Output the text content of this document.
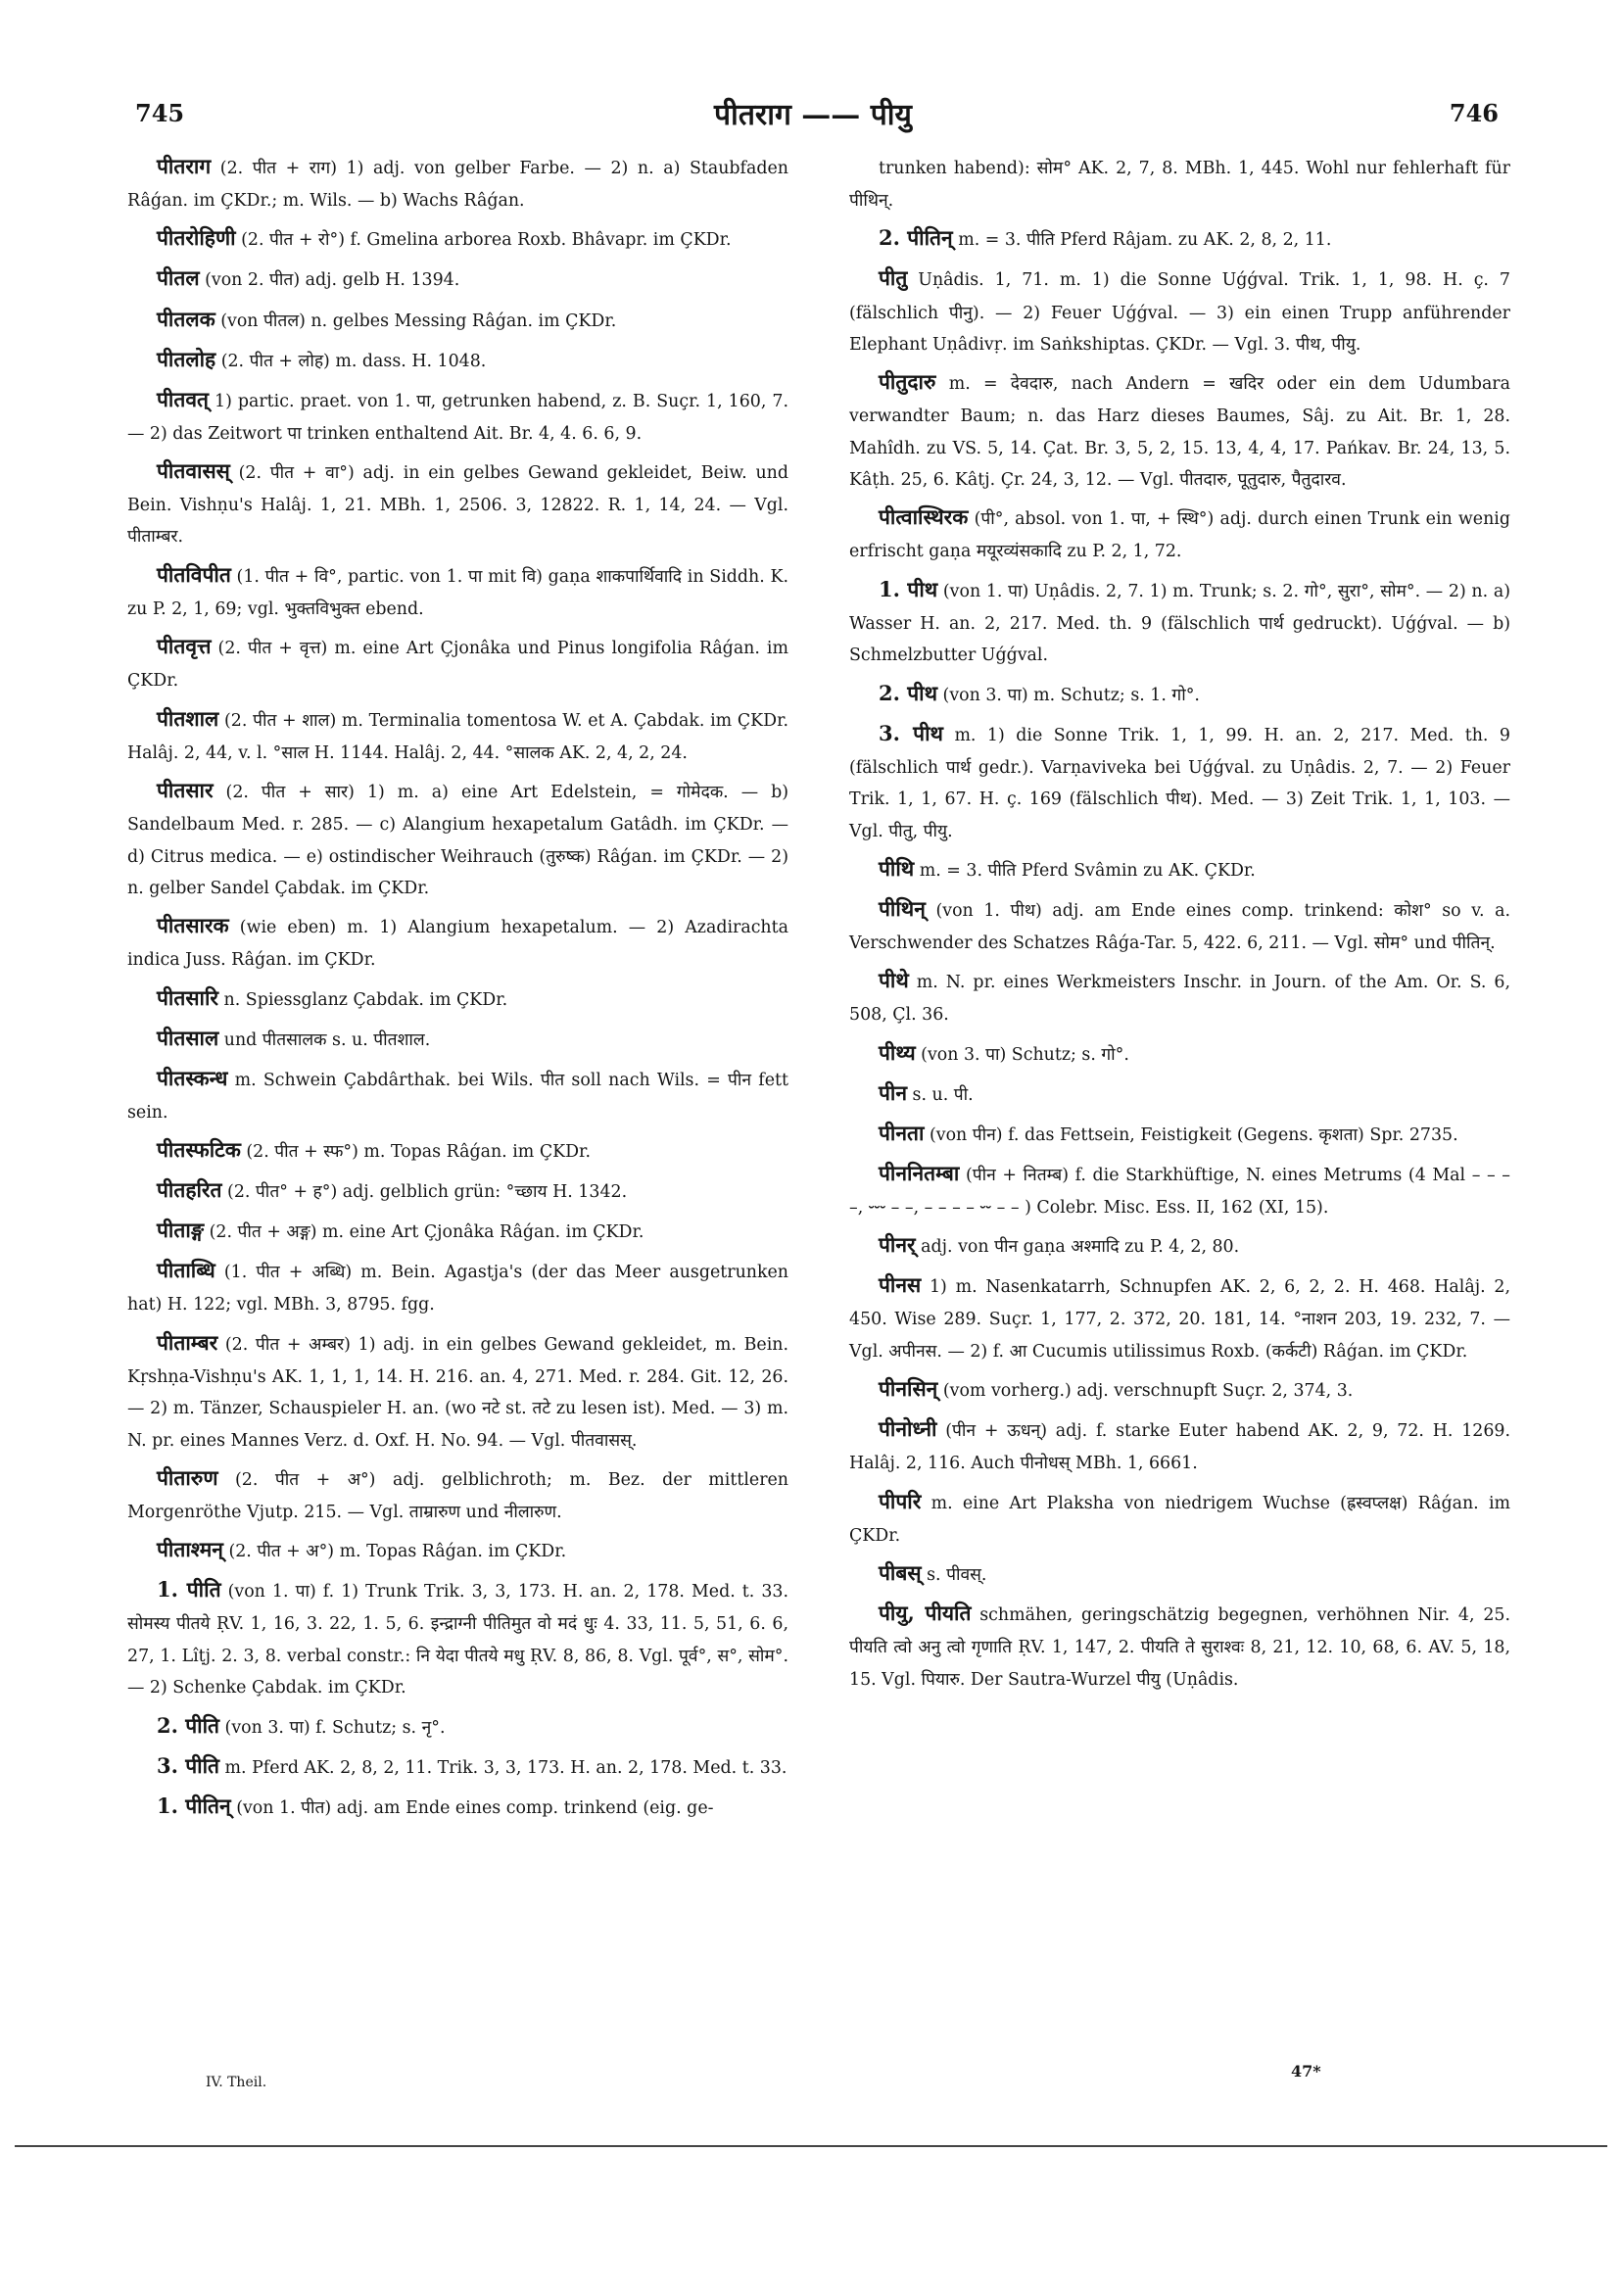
745	पीतराग —— पीयु	746

पीतराग (2. पीत + राग) 1) adj. von gelber Farbe. — 2) n. a) Staubfaden Râǵan. im ÇKDr.; m. Wils. — b) Wachs Râǵan.

पीतरोहिणी (2. पीत + रो°) f. Gmelina arborea Roxb. Bhâvapr. im ÇKDr.

पीतल (von 2. पीत) adj. gelb H. 1394.

पीतलक (von पीतल) n. gelbes Messing Râǵan. im ÇKDr.

पीतलोह (2. पीत + लोह) m. dass. H. 1048.

पीतवत् 1) partic. praet. von 1. पा, getrunken habend, z. B. Suçr. 1, 160, 7. — 2) das Zeitwort पा trinken enthaltend Ait. Br. 4, 4. 6. 6, 9.

पीतवासस् (2. पीत + वा°) adj. in ein gelbes Gewand gekleidet, Beiw. und Bein. Vishṇu's Halâj. 1, 21. MBh. 1, 2506. 3, 12822. R. 1, 14, 24. — Vgl. पीताम्बर.

पीतविपीत (1. पीत + वि°, partic. von 1. पा mit वि) gaṇa शाकपार्थिवादि in Siddh. K. zu P. 2, 1, 69; vgl. भुक्तविभुक्त ebend.

पीतवृत्त (2. पीत + वृत्त) m. eine Art Çjonâka und Pinus longifolia Râǵan. im ÇKDr.

पीतशाल (2. पीत + शाल) m. Terminalia tomentosa W. et A. Çabdak. im ÇKDr. Halâj. 2, 44, v. l. °साल H. 1144. Halâj. 2, 44. °सालक AK. 2, 4, 2, 24.

पीतसार (2. पीत + सार) 1) m. a) eine Art Edelstein, = गोमेदक. — b) Sandelbaum Med. r. 285. — c) Alangium hexapetalum Gatâdh. im ÇKDr. — d) Citrus medica. — e) ostindischer Weihrauch (तुरुष्क) Râǵan. im ÇKDr. — 2) n. gelber Sandel Çabdak. im ÇKDr.

पीतसारक (wie eben) m. 1) Alangium hexapetalum. — 2) Azadirachta indica Juss. Râǵan. im ÇKDr.

पीतसारि n. Spiessglanz Çabdak. im ÇKDr.

पीतसाल und पीतसालक s. u. पीतशाल.

पीतस्कन्ध m. Schwein Çabdârthak. bei Wils. पीत soll nach Wils. = पीन fett sein.

पीतस्फटिक (2. पीत + स्फ°) m. Topas Râǵan. im ÇKDr.

पीतहरित (2. पीत° + ह°) adj. gelblich grün: °च्छाय H. 1342.

पीताङ्ग (2. पीत + अङ्ग) m. eine Art Çjonâka Râǵan. im ÇKDr.

पीताब्धि (1. पीत + अब्धि) m. Bein. Agastja's (der das Meer ausgetrunken hat) H. 122; vgl. MBh. 3, 8795. fgg.

पीताम्बर (2. पीत + अम्बर) 1) adj. in ein gelbes Gewand gekleidet, m. Bein. Kṛshṇa-Vishṇu's AK. 1, 1, 1, 14. H. 216. an. 4, 271. Med. r. 284. Git. 12, 26. — 2) m. Tänzer, Schauspieler H. an. (wo नटे st. तटे zu lesen ist). Med. — 3) m. N. pr. eines Mannes Verz. d. Oxf. H. No. 94. — Vgl. पीतवासस्.

पीतारुण (2. पीत + अ°) adj. gelblichroth; m. Bez. der mittleren Morgenröthe Vjutp. 215. — Vgl. ताम्रारुण und नीलारुण.

पीताश्मन् (2. पीत + अ°) m. Topas Râǵan. im ÇKDr.

1. पीति (von 1. पा) f. 1) Trunk Trik. 3, 3, 173. H. an. 2, 178. Med. t. 33. सोमस्य पीतये ṚV. 1, 16, 3. 22, 1. 5, 6. इन्द्राग्नी पीतिमुत वो मदं धुः 4. 33, 11. 5, 51, 6. 6, 27, 1. Lîṭj. 2. 3, 8. verbal constr.: नि येदा पीतये मधु ṚV. 8, 86, 8. Vgl. पूर्व°, स°, सोम°. — 2) Schenke Çabdak. im ÇKDr.

2. पीति (von 3. पा) f. Schutz; s. नृ°.

3. पीति m. Pferd AK. 2, 8, 2, 11. Trik. 3, 3, 173. H. an. 2, 178. Med. t. 33.

1. पीतिन् (von 1. पीत) adj. am Ende eines comp. trinkend (eig. ge-

trunken habend): सोम° AK. 2, 7, 8. MBh. 1, 445. Wohl nur fehlerhaft für पीथिन्.

2. पीतिन् m. = 3. पीति Pferd Râjam. zu AK. 2, 8, 2, 11.

पीतु Uṇâdis. 1, 71. m. 1) die Sonne Uǵǵval. Trik. 1, 1, 98. H. ç. 7 (fälschlich पीनु). — 2) Feuer Uǵǵval. — 3) ein einen Trupp anführender Elephant Uṇâdivṛ. im Saṅkshiptas. ÇKDr. — Vgl. 3. पीथ, पीयु.

पीतुदारु m. = देवदारु, nach Andern = खदिर oder ein dem Udumbara verwandter Baum; n. das Harz dieses Baumes, Sâj. zu Ait. Br. 1, 28. Mahîdh. zu VS. 5, 14. Çat. Br. 3, 5, 2, 15. 13, 4, 4, 17. Pańkav. Br. 24, 13, 5. Kâṭh. 25, 6. Kâtj. Çr. 24, 3, 12. — Vgl. पीतदारु, पूतुदारु, पैतुदारव.

पीत्वास्थिरक (पी°, absol. von 1. पा, + स्थि°) adj. durch einen Trunk ein wenig erfrischt gaṇa मयूरव्यंसकादि zu P. 2, 1, 72.

1. पीथ (von 1. पा) Uṇâdis. 2, 7. 1) m. Trunk; s. 2. गो°, सुरा°, सोम°. — 2) n. a) Wasser H. an. 2, 217. Med. th. 9 (fälschlich पार्थ gedruckt). Uǵǵval. — b) Schmelzbutter Uǵǵval.

2. पीथ (von 3. पा) m. Schutz; s. 1. गो°.

3. पीथ m. 1) die Sonne Trik. 1, 1, 99. H. an. 2, 217. Med. th. 9 (fälschlich पार्थ gedr.). Varṇaviveka bei Uǵǵval. zu Uṇâdis. 2, 7. — 2) Feuer Trik. 1, 1, 67. H. ç. 169 (fälschlich पीथ). Med. — 3) Zeit Trik. 1, 1, 103. — Vgl. पीतु, पीयु.

पीथि m. = 3. पीति Pferd Svâmin zu AK. ÇKDr.

पीथिन् (von 1. पीथ) adj. am Ende eines comp. trinkend: कोश° so v. a. Verschwender des Schatzes Râǵa-Tar. 5, 422. 6, 211. — Vgl. सोम° und पीतिन्.

पीथे m. N. pr. eines Werkmeisters Inschr. in Journ. of the Am. Or. S. 6, 508, Çl. 36.

पीथ्य (von 3. पा) Schutz; s. गो°.

पीन s. u. पी.

पीनता (von पीन) f. das Fettsein, Feistigkeit (Gegens. कृशता) Spr. 2735.

पीननितम्बा (पीन + नितम्ब) f. die Starkhüftige, N. eines Metrums (4 Mal – – – –, ⏑⏑⏑ – –, – – – – ⏑⏑ – – ) Colebr. Misc. Ess. II, 162 (XI, 15).

पीनर् adj. von पीन gaṇa अश्मादि zu P. 4, 2, 80.

पीनस 1) m. Nasenkatarrh, Schnupfen AK. 2, 6, 2, 2. H. 468. Halâj. 2, 450. Wise 289. Suçr. 1, 177, 2. 372, 20. 181, 14. °नाशन 203, 19. 232, 7. — Vgl. अपीनस. — 2) f. आ Cucumis utilissimus Roxb. (कर्कटी) Râǵan. im ÇKDr.

पीनसिन् (vom vorherg.) adj. verschnupft Suçr. 2, 374, 3.

पीनोध्नी (पीन + ऊधन्) adj. f. starke Euter habend AK. 2, 9, 72. H. 1269. Halâj. 2, 116. Auch पीनोधस् MBh. 1, 6661.

पीपरि m. eine Art Plaksha von niedrigem Wuchse (ह्रस्वप्लक्ष) Râǵan. im ÇKDr.

पीबस् s. पीवस्.

पीयु, पीयति schmähen, geringschätzig begegnen, verhöhnen Nir. 4, 25. पीयति त्वो अनु त्वो गृणाति ṚV. 1, 147, 2. पीयति ते सुराश्वः 8, 21, 12. 10, 68, 6. AV. 5, 18, 15. Vgl. पियारु. Der Sautra-Wurzel पीयु (Uṇâdis.

IV. Theil.
47*
